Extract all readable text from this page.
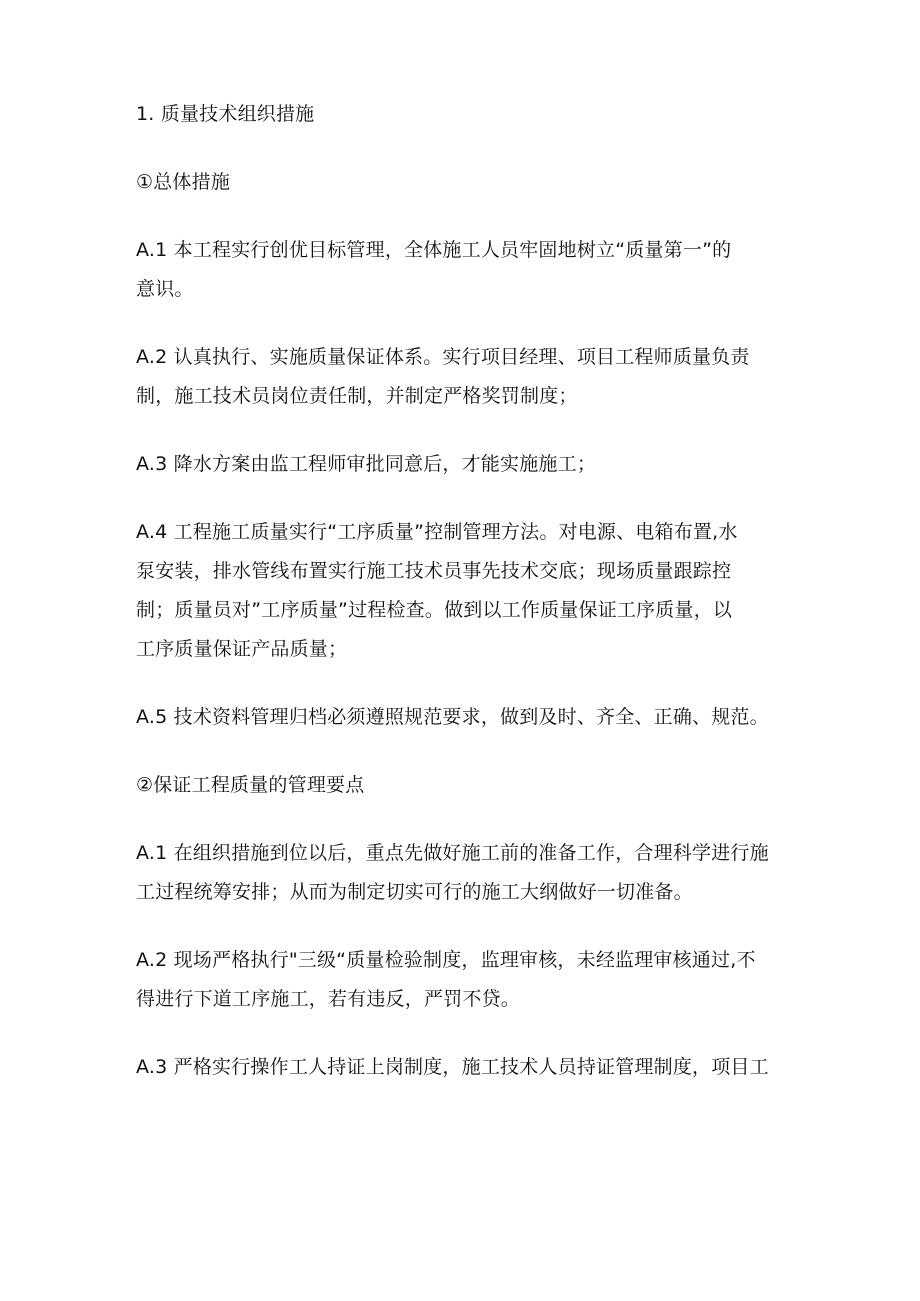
1. 质量技术组织措施
①总体措施
A.1 本工程实行创优目标管理，全体施工人员牢固地树立“质量第一”的
意识。
A.2 认真执行、实施质量保证体系。实行项目经理、项目工程师质量负责
制，施工技术员岗位责任制，并制定严格奖罚制度；
A.3 降水方案由监工程师审批同意后，才能实施施工；
A.4 工程施工质量实行“工序质量”控制管理方法。对电源、电箱布置,水
泵安装，排水管线布置实行施工技术员事先技术交底；现场质量跟踪控
制；质量员对”工序质量”过程检查。做到以工作质量保证工序质量，以
工序质量保证产品质量；
A.5 技术资料管理归档必须遵照规范要求，做到及时、齐全、正确、规范。
②保证工程质量的管理要点
A.1 在组织措施到位以后，重点先做好施工前的准备工作，合理科学进行施
工过程统筹安排；从而为制定切实可行的施工大纲做好一切准备。
A.2 现场严格执行"三级“质量检验制度，监理审核，未经监理审核通过,不
得进行下道工序施工，若有违反，严罚不贷。
A.3 严格实行操作工人持证上岗制度，施工技术人员持证管理制度，项目工
